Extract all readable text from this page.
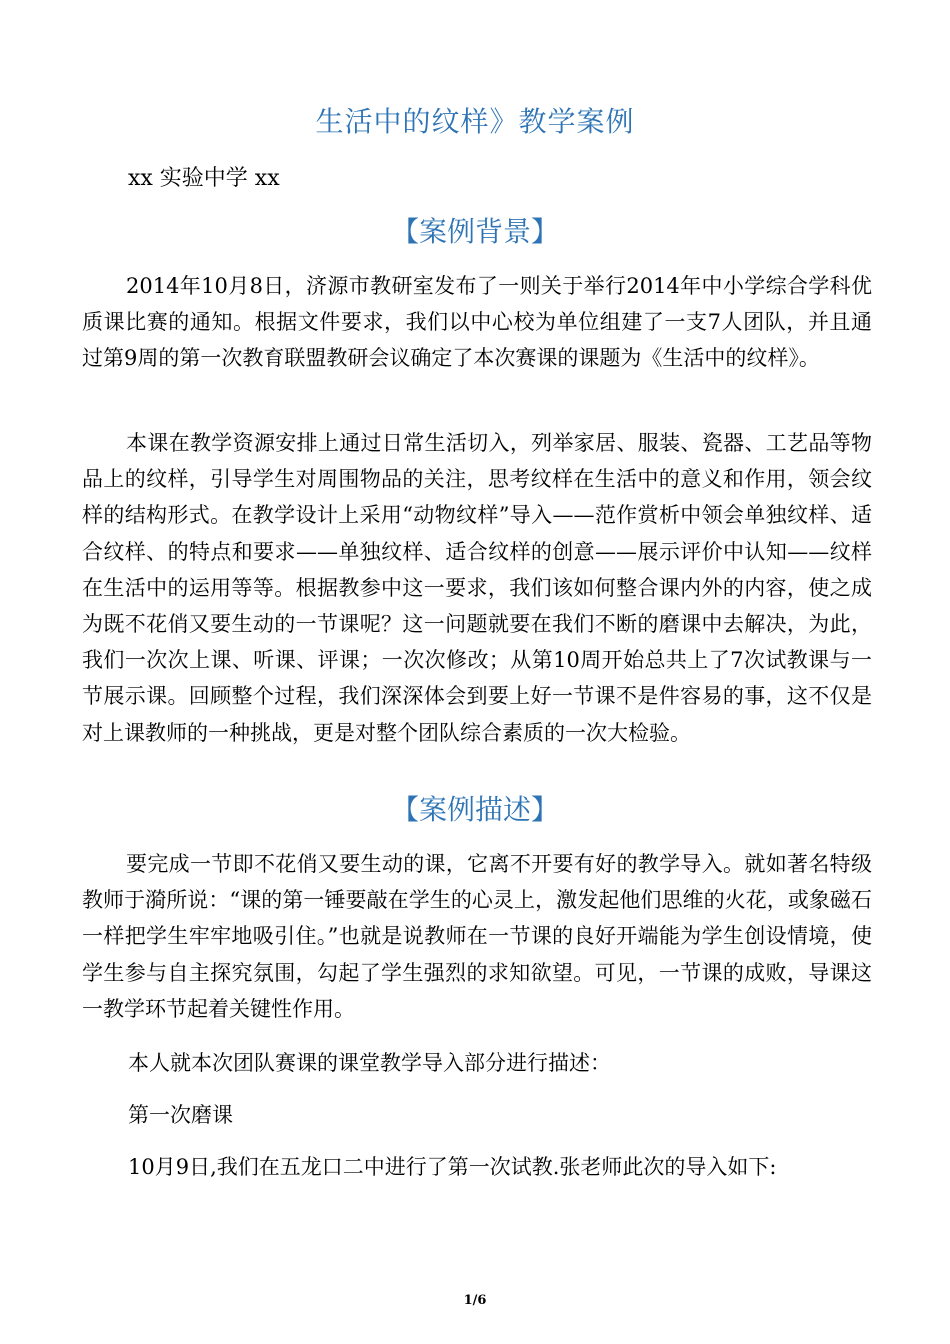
生活中的纹样》教学案例
xx 实验中学 xx
【案例背景】
2014年10月8日，济源市教研室发布了一则关于举行2014年中小学综合学科优质课比赛的通知。根据文件要求，我们以中心校为单位组建了一支7人团队，并且通过第9周的第一次教育联盟教研会议确定了本次赛课的课题为《生活中的纹样》。
本课在教学资源安排上通过日常生活切入，列举家居、服装、瓷器、工艺品等物品上的纹样，引导学生对周围物品的关注，思考纹样在生活中的意义和作用，领会纹样的结构形式。在教学设计上采用“动物纹样”导入——范作赏析中领会单独纹样、适合纹样、的特点和要求——单独纹样、适合纹样的创意——展示评价中认知——纹样在生活中的运用等等。根据教参中这一要求，我们该如何整合课内外的内容，使之成为既不花俏又要生动的一节课呢？这一问题就要在我们不断的磨课中去解决，为此，我们一次次上课、听课、评课；一次次修改；从第10周开始总共上了7次试教课与一节展示课。回顾整个过程，我们深深体会到要上好一节课不是件容易的事，这不仅是对上课教师的一种挑战，更是对整个团队综合素质的一次大检验。
【案例描述】
要完成一节即不花俏又要生动的课，它离不开要有好的教学导入。就如著名特级教师于漪所说：“课的第一锤要敲在学生的心灵上，激发起他们思维的火花，或象磁石一样把学生牢牢地吸引住。”也就是说教师在一节课的良好开端能为学生创设情境，使学生参与自主探究氛围，勾起了学生强烈的求知欲望。可见，一节课的成败，导课这一教学环节起着关键性作用。
本人就本次团队赛课的课堂教学导入部分进行描述：
第一次磨课
10月9日,我们在五龙口二中进行了第一次试教.张老师此次的导入如下:
1/6
